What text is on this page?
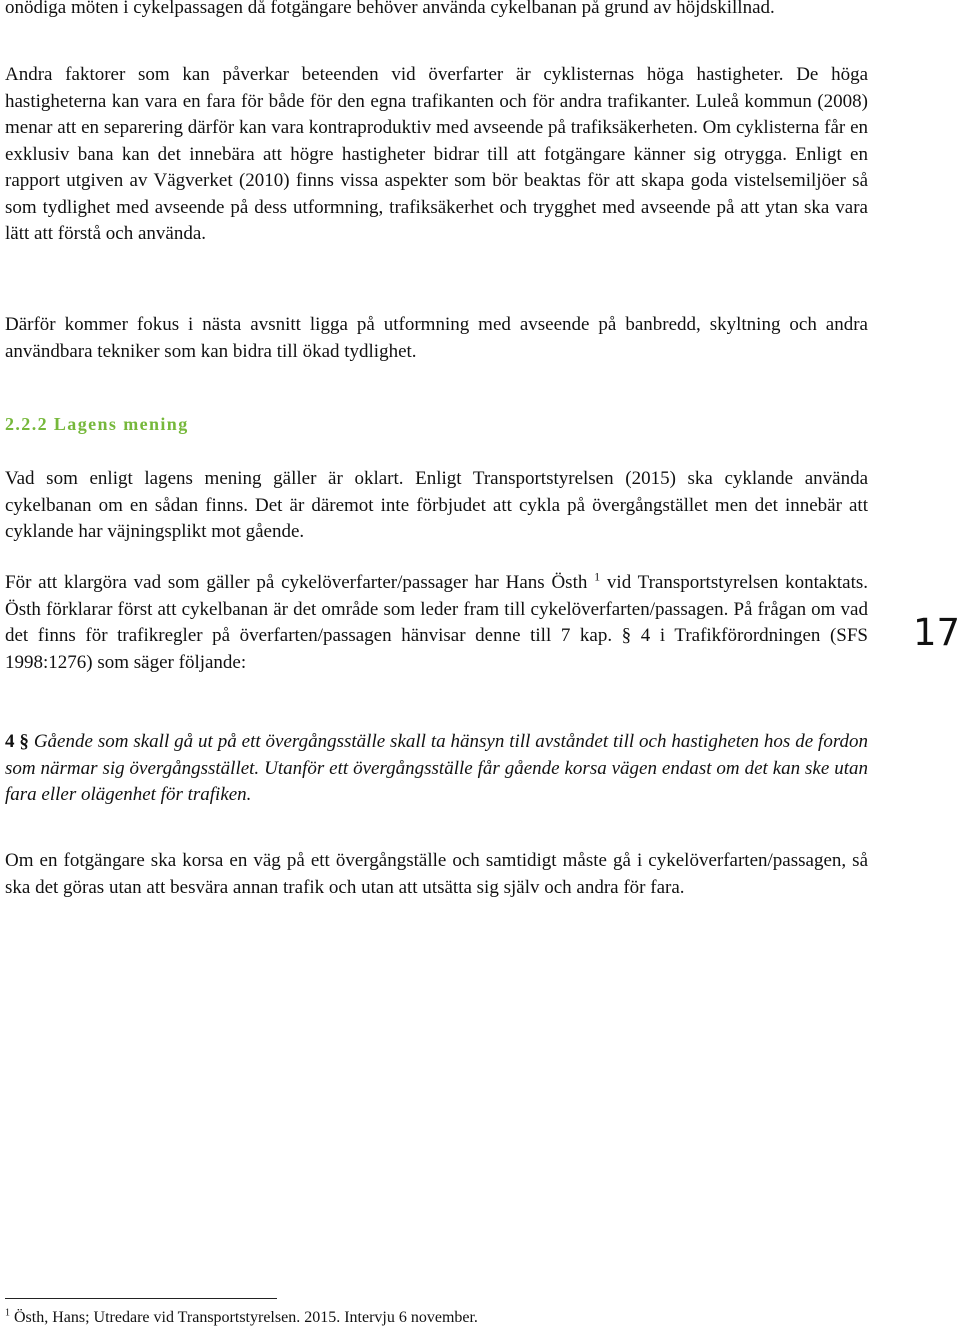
onödiga möten i cykelpassagen då fotgängare behöver använda cykelbanan på grund av höjdskillnad.

Andra faktorer som kan påverkar beteenden vid överfarter är cyklisternas höga hastigheter. De höga hastigheterna kan vara en fara för både för den egna trafikanten och för andra trafikanter. Luleå kommun (2008) menar att en separering därför kan vara kontraproduktiv med avseende på trafiksäkerheten. Om cyklisterna får en exklusiv bana kan det innebära att högre hastigheter bidrar till att fotgängare känner sig otrygga. Enligt en rapport utgiven av Vägverket (2010) finns vissa aspekter som bör beaktas för att skapa goda vistelsemiljöer så som tydlighet med avseende på dess utformning, trafiksäkerhet och trygghet med avseende på att ytan ska vara lätt att förstå och använda.

Därför kommer fokus i nästa avsnitt ligga på utformning med avseende på banbredd, skyltning och andra användbara tekniker som kan bidra till ökad tydlighet.

2.2.2 Lagens mening

Vad som enligt lagens mening gäller är oklart. Enligt Transportstyrelsen (2015) ska cyklande använda cykelbanan om en sådan finns. Det är däremot inte förbjudet att cykla på övergångstället men det innebär att cyklande har väjningsplikt mot gående.

För att klargöra vad som gäller på cykelöverfarter/passager har Hans Östh $^1$ vid Transportstyrelsen kontaktats. Östh förklarar först att cykelbanan är det område som leder fram till cykelöverfarten/passagen. På frågan om vad det finns för trafikregler på överfarten/passagen hänvisar denne till 7 kap. § 4 i Trafikförordningen (SFS 1998:1276) som säger följande:

4 § Gående som skall gå ut på ett övergångsställe skall ta hänsyn till avståndet till och hastigheten hos de fordon som närmar sig övergångsstället. Utanför ett övergångsställe får gående korsa vägen endast om det kan ske utan fara eller olägenhet för trafiken.

Om en fotgängare ska korsa en väg på ett övergångställe och samtidigt måste gå i cykelöverfarten/passagen, så ska det göras utan att besvära annan trafik och utan att utsätta sig själv och andra för fara.

17
$^1$ Östh, Hans; Utredare vid Transportstyrelsen. 2015. Intervju 6 november.
